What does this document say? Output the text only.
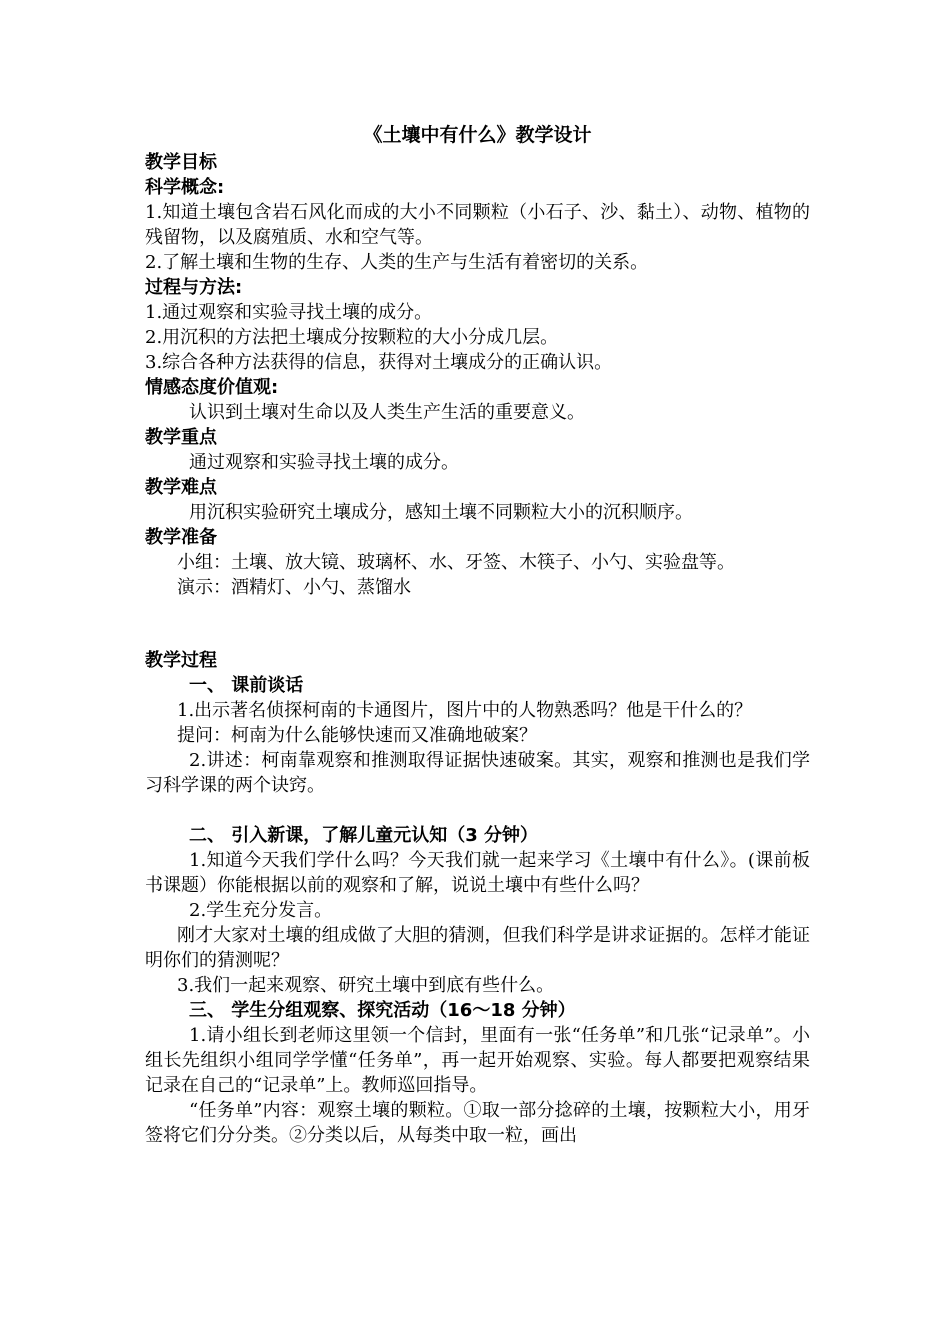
《土壤中有什么》教学设计
教学目标
科学概念:

1.知道土壤包含岩石风化而成的大小不同颗粒（小石子、沙、黏土）、动物、植物的残留物，以及腐殖质、水和空气等。

2.了解土壤和生物的生存、人类的生产与生活有着密切的关系。

过程与方法:

1.通过观察和实验寻找土壤的成分。

2.用沉积的方法把土壤成分按颗粒的大小分成几层。

3.综合各种方法获得的信息，获得对土壤成分的正确认识。

情感态度价值观:

认识到土壤对生命以及人类生产生活的重要意义。

教学重点

通过观察和实验寻找土壤的成分。

教学难点

用沉积实验研究土壤成分，感知土壤不同颗粒大小的沉积顺序。

教学准备

小组：土壤、放大镜、玻璃杯、水、牙签、木筷子、小勺、实验盘等。

演示：酒精灯、小勺、蒸馏水

教学过程
一、 课前谈话

1.出示著名侦探柯南的卡通图片，图片中的人物熟悉吗？他是干什么的？

提问：柯南为什么能够快速而又准确地破案？

2.讲述：柯南靠观察和推测取得证据快速破案。其实，观察和推测也是我们学习科学课的两个诀窍。

二、 引入新课，了解儿童元认知（3 分钟）

1.知道今天我们学什么吗？今天我们就一起来学习《土壤中有什么》。(课前板书课题）你能根据以前的观察和了解，说说土壤中有些什么吗？

2.学生充分发言。

刚才大家对土壤的组成做了大胆的猜测，但我们科学是讲求证据的。怎样才能证明你们的猜测呢？

3.我们一起来观察、研究土壤中到底有些什么。

三、 学生分组观察、探究活动（16～18 分钟）

1.请小组长到老师这里领一个信封，里面有一张“任务单”和几张“记录单”。小组长先组织小组同学学懂“任务单”，再一起开始观察、实验。每人都要把观察结果记录在自己的“记录单”上。教师巡回指导。

“任务单”内容：观察土壤的颗粒。①取一部分捻碎的土壤，按颗粒大小，用牙签将它们分分类。②分类以后，从每类中取一粒，画出
